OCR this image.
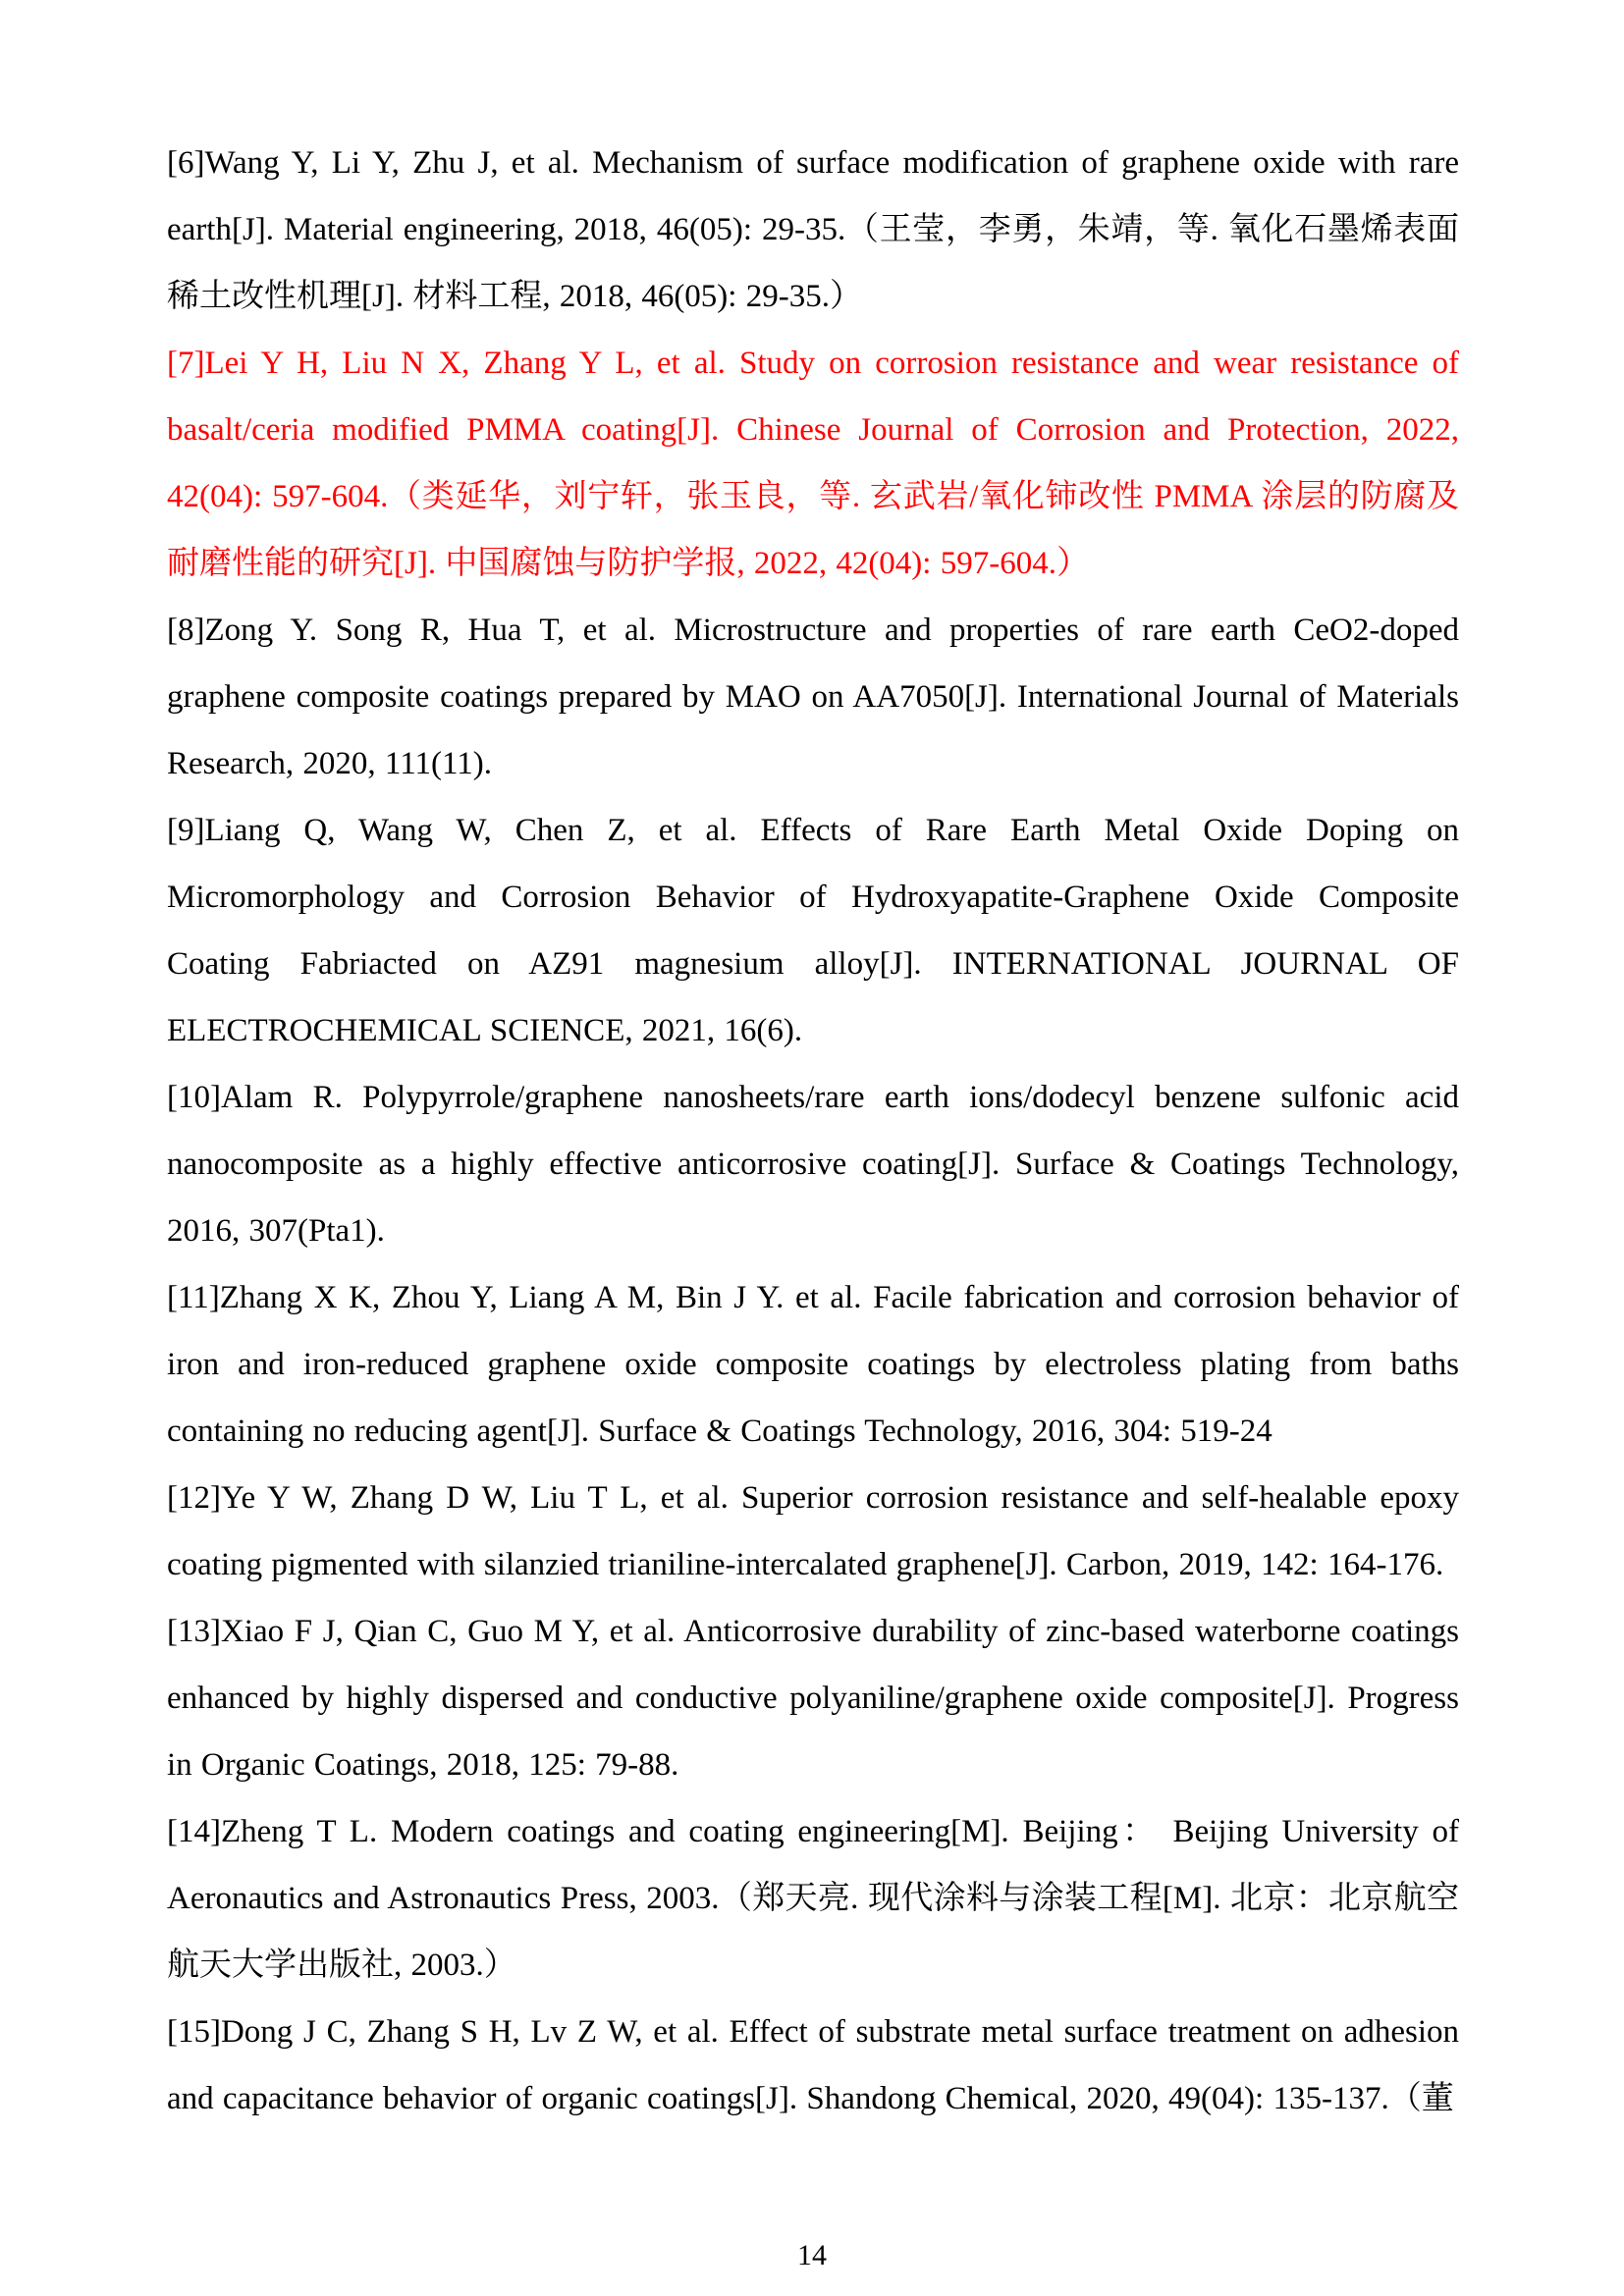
[6]Wang Y, Li Y, Zhu J, et al. Mechanism of surface modification of graphene oxide with rare earth[J]. Material engineering, 2018, 46(05): 29-35.（王莹，李勇，朱靖，等. 氧化石墨烯表面稀土改性机理[J]. 材料工程, 2018, 46(05): 29-35.）

[7]Lei Y H, Liu N X, Zhang Y L, et al. Study on corrosion resistance and wear resistance of basalt/ceria modified PMMA coating[J]. Chinese Journal of Corrosion and Protection, 2022, 42(04): 597-604.（类延华，刘宁轩，张玉良，等. 玄武岩/氧化铈改性 PMMA 涂层的防腐及耐磨性能的研究[J]. 中国腐蚀与防护学报, 2022, 42(04): 597-604.）

[8]Zong Y. Song R, Hua T, et al. Microstructure and properties of rare earth CeO2-doped graphene composite coatings prepared by MAO on AA7050[J]. International Journal of Materials Research, 2020, 111(11).

[9]Liang Q, Wang W, Chen Z, et al. Effects of Rare Earth Metal Oxide Doping on Micromorphology and Corrosion Behavior of Hydroxyapatite-Graphene Oxide Composite Coating Fabriacted on AZ91 magnesium alloy[J]. INTERNATIONAL JOURNAL OF ELECTROCHEMICAL SCIENCE, 2021, 16(6).

[10]Alam R. Polypyrrole/graphene nanosheets/rare earth ions/dodecyl benzene sulfonic acid nanocomposite as a highly effective anticorrosive coating[J]. Surface & Coatings Technology, 2016, 307(Pta1).

[11]Zhang X K, Zhou Y, Liang A M, Bin J Y. et al. Facile fabrication and corrosion behavior of iron and iron-reduced graphene oxide composite coatings by electroless plating from baths containing no reducing agent[J]. Surface & Coatings Technology, 2016, 304: 519-24

[12]Ye Y W, Zhang D W, Liu T L, et al. Superior corrosion resistance and self-healable epoxy coating pigmented with silanzied trianiline-intercalated graphene[J]. Carbon, 2019, 142: 164-176.

[13]Xiao F J, Qian C, Guo M Y, et al. Anticorrosive durability of zinc-based waterborne coatings enhanced by highly dispersed and conductive polyaniline/graphene oxide composite[J]. Progress in Organic Coatings, 2018, 125: 79-88.

[14]Zheng T L. Modern coatings and coating engineering[M]. Beijing： Beijing University of Aeronautics and Astronautics Press, 2003.（郑天亮. 现代涂料与涂装工程[M]. 北京：北京航空航天大学出版社, 2003.）

[15]Dong J C, Zhang S H, Lv Z W, et al. Effect of substrate metal surface treatment on adhesion and capacitance behavior of organic coatings[J]. Shandong Chemical, 2020, 49(04): 135-137.（董

14
